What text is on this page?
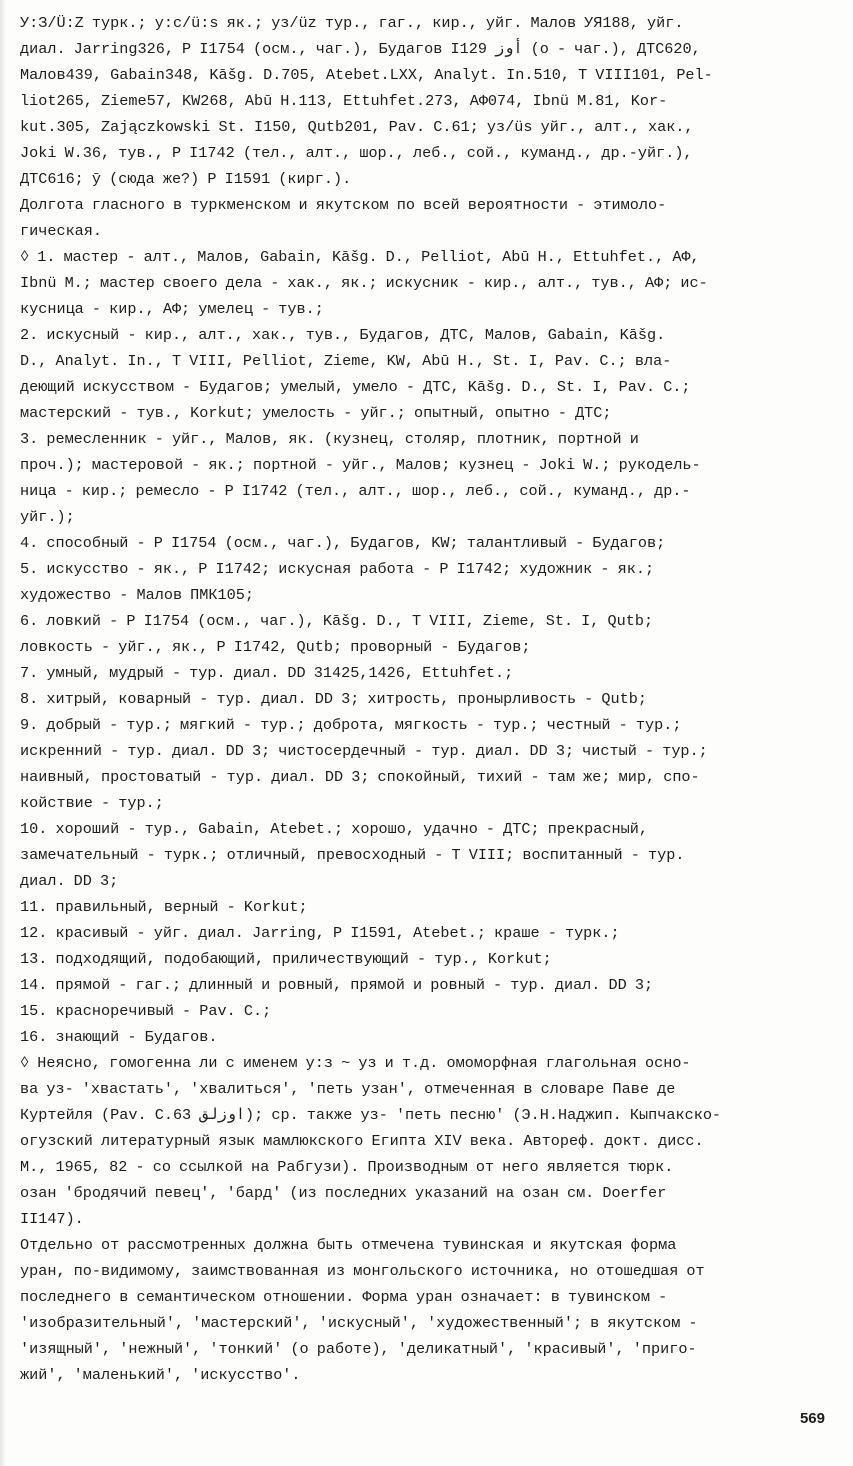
У:З/Ü:Z турк.; у:с/ü:s як.; уз/üz тур., гаг., кир., уйг. Малов УЯ188, уйг.
диал. Jarring326, Р I1754 (осм., чаг.), Будагов I129 أوز (о - чаг.), ДТС620,
Малов439, Gabain348, Kāšg. D.705, Atebet.LXX, Analyt. In.510, T VIII101, Pel-
liot265, Zieme57, KW268, Abū H.113, Ettuhfet.273, АФ074, Ibnü M.81, Kor-
kut.305, Zajączkowski St. I150, Qutb201, Pav. C.61; уз/üs уйг., алт., хак.,
Joki W.36, тув., Р I1742 (тел., алт., шор., леб., сой., куманд., др.-уйг.),
ДТС616; ӯ (сюда же?) Р I1591 (кирг.).
Долгота гласного в туркменском и якутском по всей вероятности - этимоло-
гическая.
◊ 1. мастер - алт., Малов, Gabain, Kāšg. D., Pelliot, Abū H., Ettuhfet., АФ,
Ibnü M.; мастер своего дела - хак., як.; искусник - кир., алт., тув., АФ; ис-
кусница - кир., АФ; умелец - тув.;
2. искусный - кир., алт., хак., тув., Будагов, ДТС, Малов, Gabain, Kāšg.
D., Analyt. In., T VIII, Pelliot, Zieme, KW, Abū H., St. I, Pav. C.; вла-
деющий искусством - Будагов; умелый, умело - ДТС, Kāšg. D., St. I, Pav. C.;
мастерский - тув., Korkut; умелость - уйг.; опытный, опытно - ДТС;
3. ремесленник - уйг., Малов, як. (кузнец, столяр, плотник, портной и
проч.); мастеровой - як.; портной - уйг., Малов; кузнец - Joki W.; рукодель-
ница - кир.; ремесло - Р I1742 (тел., алт., шор., леб., сой., куманд., др.-
уйг.);
4. способный - Р I1754 (осм., чаг.), Будагов, KW; талантливый - Будагов;
5. искусство - як., Р I1742; искусная работа - Р I1742; художник - як.;
художество - Малов ПМК105;
6. ловкий - Р I1754 (осм., чаг.), Kāšg. D., T VIII, Zieme, St. I, Qutb;
ловкость - уйг., як., Р I1742, Qutb; проворный - Будагов;
7. умный, мудрый - тур. диал. DD 31425,1426, Ettuhfet.;
8. хитрый, коварный - тур. диал. DD 3; хитрость, пронырливость - Qutb;
9. добрый - тур.; мягкий - тур.; доброта, мягкость - тур.; честный - тур.;
искренний - тур. диал. DD 3; чистосердечный - тур. диал. DD 3; чистый - тур.;
наивный, простоватый - тур. диал. DD 3; спокойный, тихий - там же; мир, спо-
койствие - тур.;
10. хороший - тур., Gabain, Atebet.; хорошо, удачно - ДТС; прекрасный,
замечательный - турк.; отличный, превосходный - T VIII; воспитанный - тур.
диал. DD 3;
11. правильный, верный - Korkut;
12. красивый - уйг. диал. Jarring, Р I1591, Atebet.; краше - турк.;
13. подходящий, подобающий, приличествующий - тур., Korkut;
14. прямой - гаг.; длинный и ровный, прямой и ровный - тур. диал. DD 3;
15. красноречивый - Pav. C.;
16. знающий - Будагов.
◊ Неясно, гомогенна ли с именем у:з ~ уз и т.д. омоморфная глагольная осно-
ва уз- 'хвастать', 'хвалиться', 'петь узан', отмеченная в словаре Паве де
Куртейля (Pav. C.63 اوزلق); ср. также уз- 'петь песню' (Э.Н.Наджип. Кыпчакско-
огузский литературный язык мамлюкского Египта XIV века. Автореф. докт. дисс.
М., 1965, 82 - со ссылкой на Рабгузи). Производным от него является тюрк.
озан 'бродячий певец', 'бард' (из последних указаний на озан см. Doerfer
II147).
Отдельно от рассмотренных должна быть отмечена тувинская и якутская форма
уран, по-видимому, заимствованная из монгольского источника, но отошедшая от
последнего в семантическом отношении. Форма уран означает: в тувинском -
'изобразительный', 'мастерский', 'искусный', 'художественный'; в якутском -
'изящный', 'нежный', 'тонкий' (о работе), 'деликатный', 'красивый', 'приго-
жий', 'маленький', 'искусство'.
569
